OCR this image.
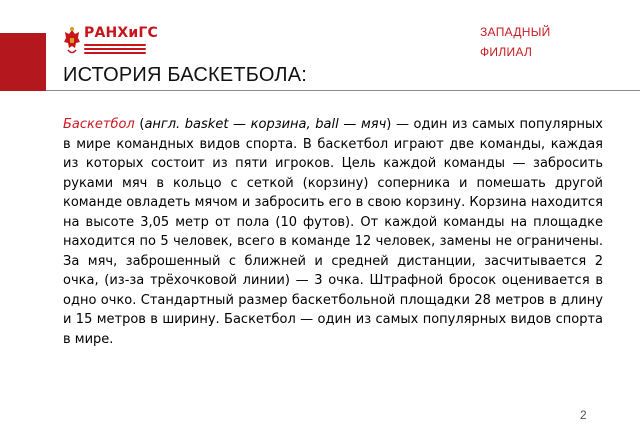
РАНХиГС	ЗАПАДНЫЙ
ФИЛИАЛ
ИСТОРИЯ БАСКЕТБОЛА:

Баскетбол (англ. basket — корзина, ball — мяч) — один из самых популярных в мире командных видов спорта. В баскетбол играют две команды, каждая из которых состоит из пяти игроков. Цель каждой команды — забросить руками мяч в кольцо с сеткой (корзину) соперника и помешать другой команде овладеть мячом и забросить его в свою корзину. Корзина находится на высоте 3,05 метр от пола (10 футов). От каждой команды на площадке находится по 5 человек, всего в команде 12 человек, замены не ограничены. За мяч, заброшенный с ближней и средней дистанции, засчитывается 2 очка, (из-за трёхочковой линии) — 3 очка. Штрафной бросок оценивается в одно очко. Стандартный размер баскетбольной площадки 28 метров в длину и 15 метров в ширину. Баскетбол — один из самых популярных видов спорта в мире.

2
